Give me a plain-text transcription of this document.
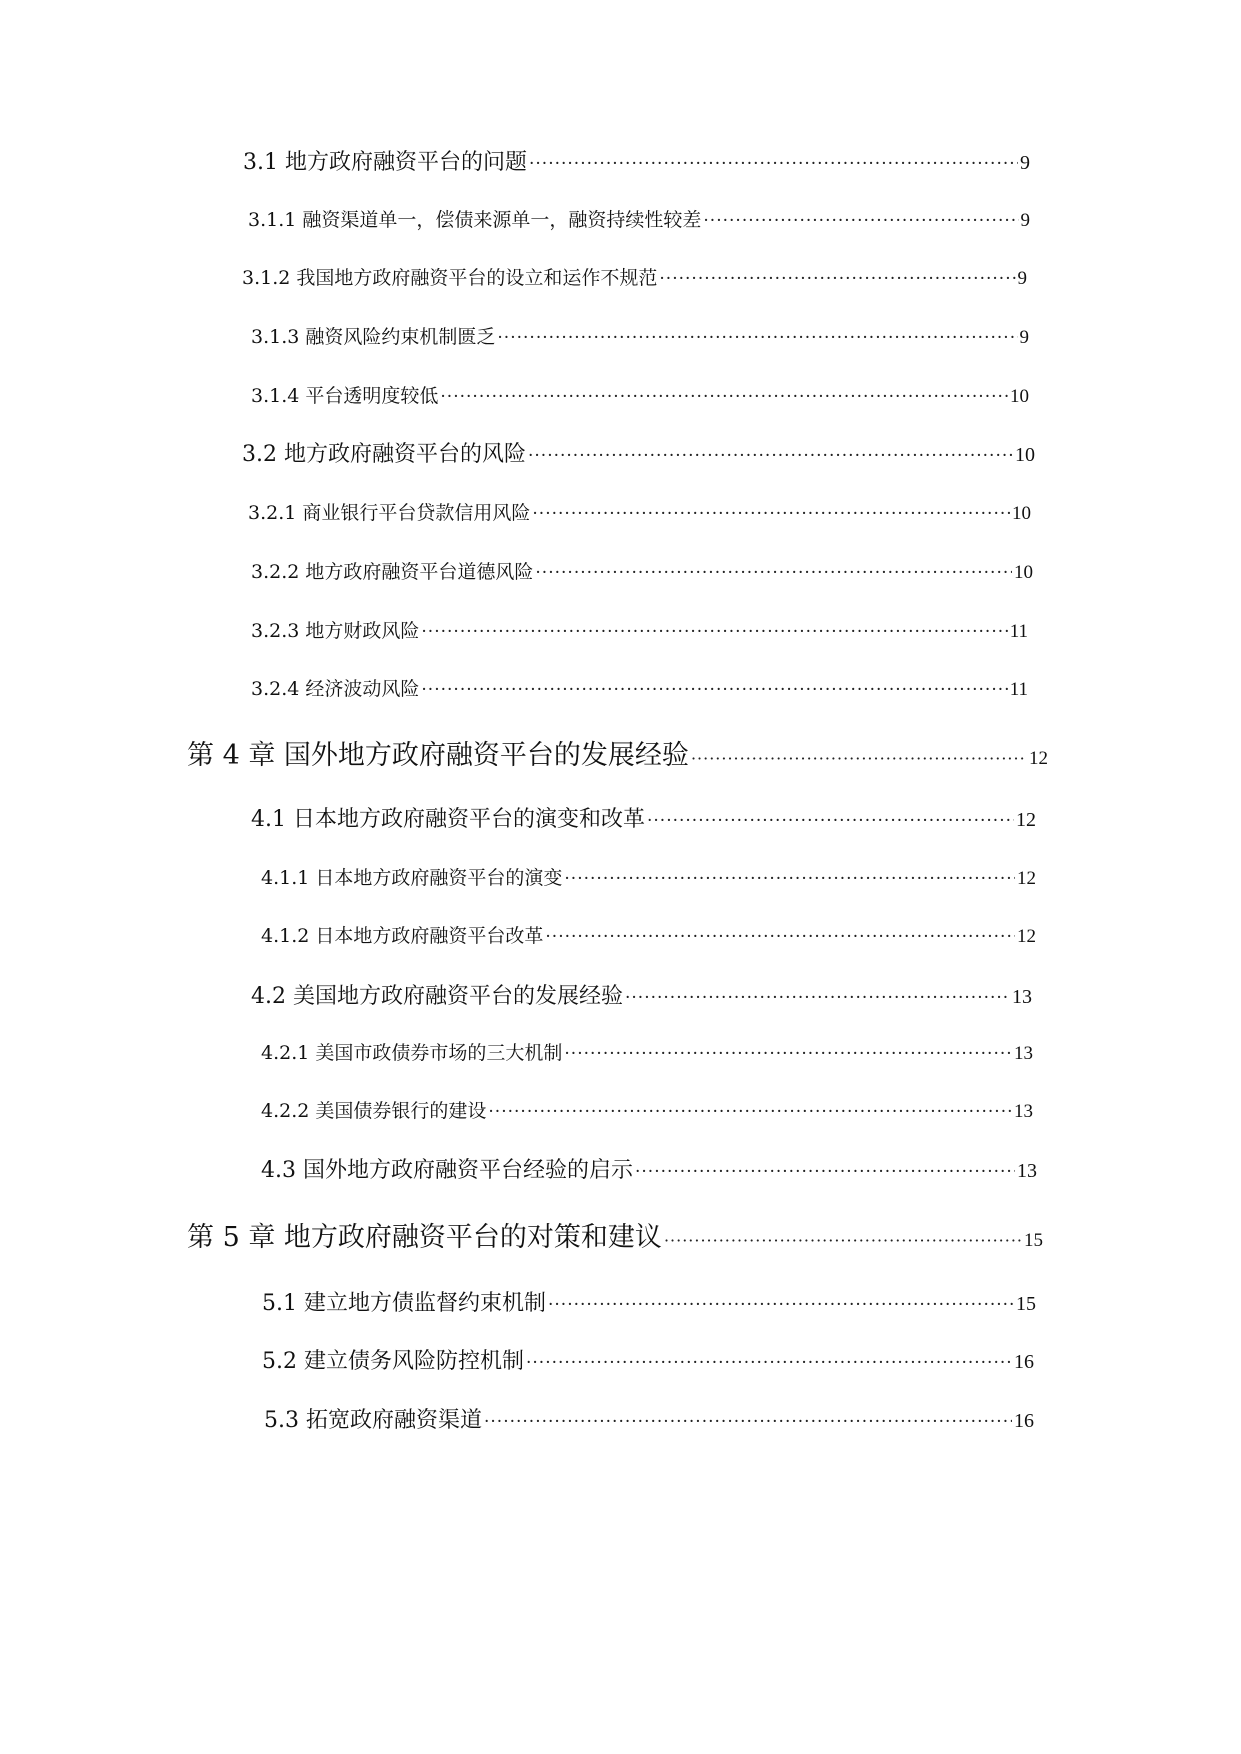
3.1 地方政府融资平台的问题 ·····	9
3.1.1 融资渠道单一，偿债来源单一，融资持续性较差 ·····	9
3.1.2 我国地方政府融资平台的设立和运作不规范 ·····	9
3.1.3 融资风险约束机制匮乏 ·····	9
3.1.4 平台透明度较低 ·····	10
3.2 地方政府融资平台的风险 ·····	10
3.2.1 商业银行平台贷款信用风险 ·····	10
3.2.2 地方政府融资平台道德风险 ·····	10
3.2.3 地方财政风险 ·····	11
3.2.4 经济波动风险 ·····	11
第 4 章 国外地方政府融资平台的发展经验 ·····	12
4.1 日本地方政府融资平台的演变和改革 ·····	12
4.1.1 日本地方政府融资平台的演变 ·····	12
4.1.2 日本地方政府融资平台改革 ·····	12
4.2 美国地方政府融资平台的发展经验 ·····	13
4.2.1 美国市政债券市场的三大机制 ·····	13
4.2.2 美国债券银行的建设 ·····	13
4.3 国外地方政府融资平台经验的启示 ·····	13
第 5 章 地方政府融资平台的对策和建议 ·····	15
5.1 建立地方债监督约束机制 ·····	15
5.2 建立债务风险防控机制 ·····	16
5.3 拓宽政府融资渠道 ·····	16
